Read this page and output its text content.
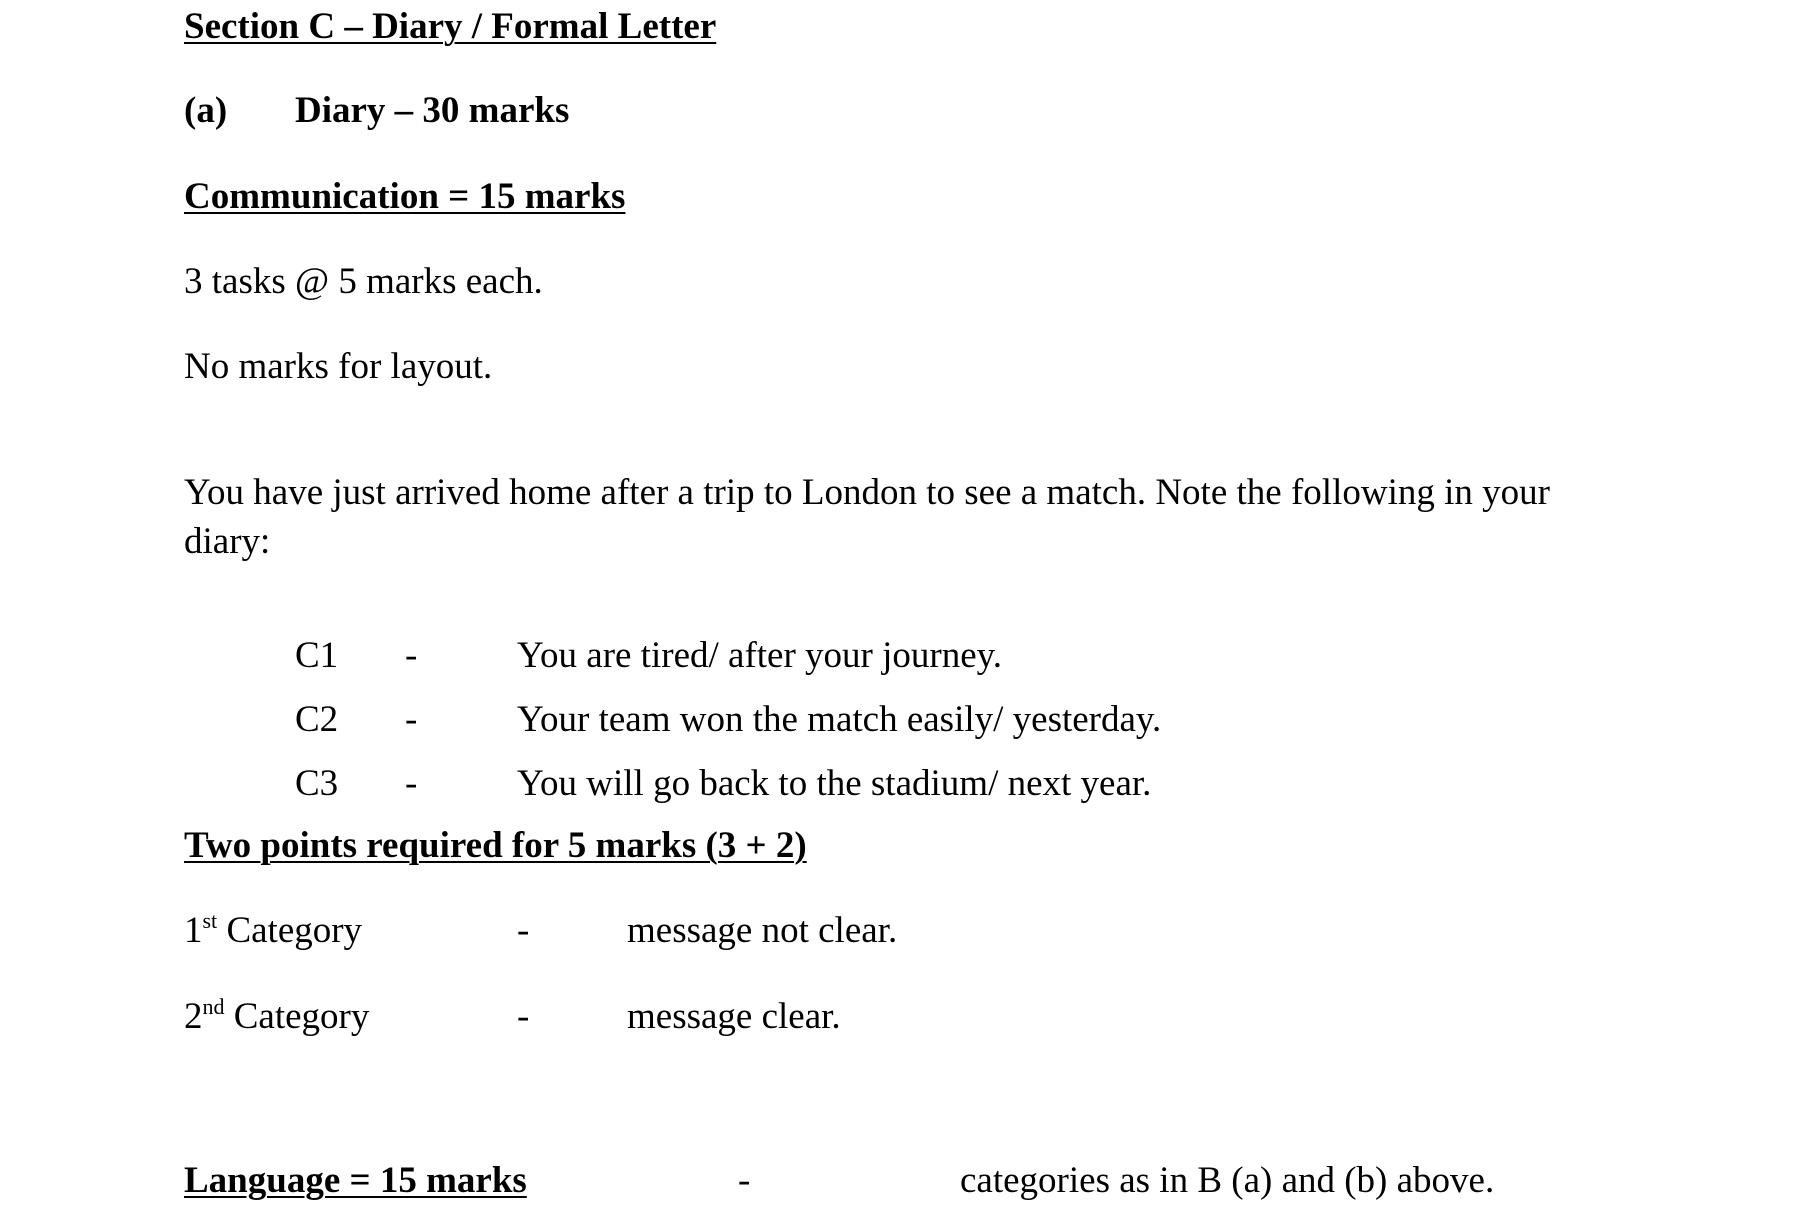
Section C – Diary / Formal Letter
(a) Diary – 30 marks
Communication = 15 marks
3 tasks @ 5 marks each.
No marks for layout.
You have just arrived home after a trip to London to see a match. Note the following in your diary:
C1 -	You are tired/ after your journey.
C2 -	Your team won the match easily/ yesterday.
C3 -	You will go back to the stadium/ next year.
Two points required for 5 marks (3 + 2)
1st Category	-	message not clear.
2nd Category	-	message clear.
Language = 15 marks	-	categories as in B (a) and (b) above.
